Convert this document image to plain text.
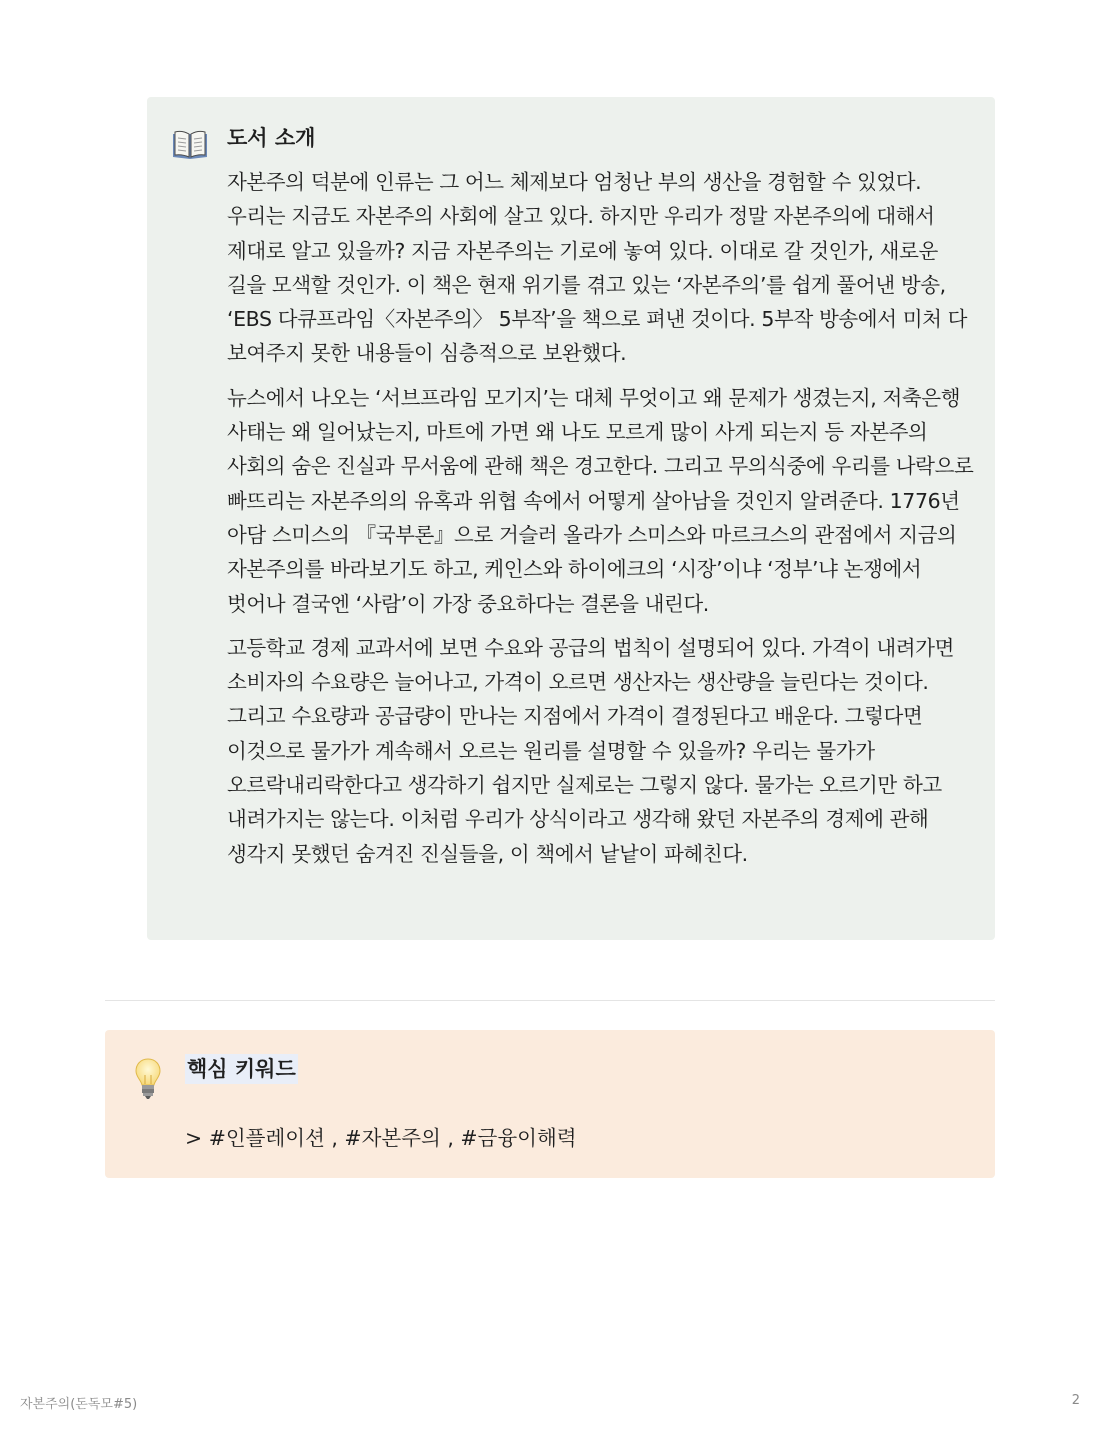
도서 소개

자본주의 덕분에 인류는 그 어느 체제보다 엄청난 부의 생산을 경험할 수 있었다. 우리는 지금도 자본주의 사회에 살고 있다. 하지만 우리가 정말 자본주의에 대해서 제대로 알고 있을까? 지금 자본주의는 기로에 놓여 있다. 이대로 갈 것인가, 새로운 길을 모색할 것인가. 이 책은 현재 위기를 겪고 있는 ‘자본주의’를 쉽게 풀어낸 방송, ‘EBS 다큐프라임〈자본주의〉 5부작’을 책으로 펴낸 것이다. 5부작 방송에서 미처 다 보여주지 못한 내용들이 심층적으로 보완했다.

뉴스에서 나오는 ‘서브프라임 모기지’는 대체 무엇이고 왜 문제가 생겼는지, 저축은행 사태는 왜 일어났는지, 마트에 가면 왜 나도 모르게 많이 사게 되는지 등 자본주의 사회의 숨은 진실과 무서움에 관해 책은 경고한다. 그리고 무의식중에 우리를 나락으로 빠뜨리는 자본주의의 유혹과 위협 속에서 어떻게 살아남을 것인지 알려준다. 1776년 아담 스미스의 『국부론』으로 거슬러 올라가 스미스와 마르크스의 관점에서 지금의 자본주의를 바라보기도 하고, 케인스와 하이에크의 ‘시장’이냐 ‘정부’냐 논쟁에서 벗어나 결국엔 ‘사람’이 가장 중요하다는 결론을 내린다.

고등학교 경제 교과서에 보면 수요와 공급의 법칙이 설명되어 있다. 가격이 내려가면 소비자의 수요량은 늘어나고, 가격이 오르면 생산자는 생산량을 늘린다는 것이다. 그리고 수요량과 공급량이 만나는 지점에서 가격이 결정된다고 배운다. 그렇다면 이것으로 물가가 계속해서 오르는 원리를 설명할 수 있을까? 우리는 물가가 오르락내리락한다고 생각하기 쉽지만 실제로는 그렇지 않다. 물가는 오르기만 하고 내려가지는 않는다. 이처럼 우리가 상식이라고 생각해 왔던 자본주의 경제에 관해 생각지 못했던 숨겨진 진실들을, 이 책에서 낱낱이 파헤친다.

핵심 키워드

> #인플레이션 , #자본주의 , #금융이해력

자본주의(돈독모#5)	2
